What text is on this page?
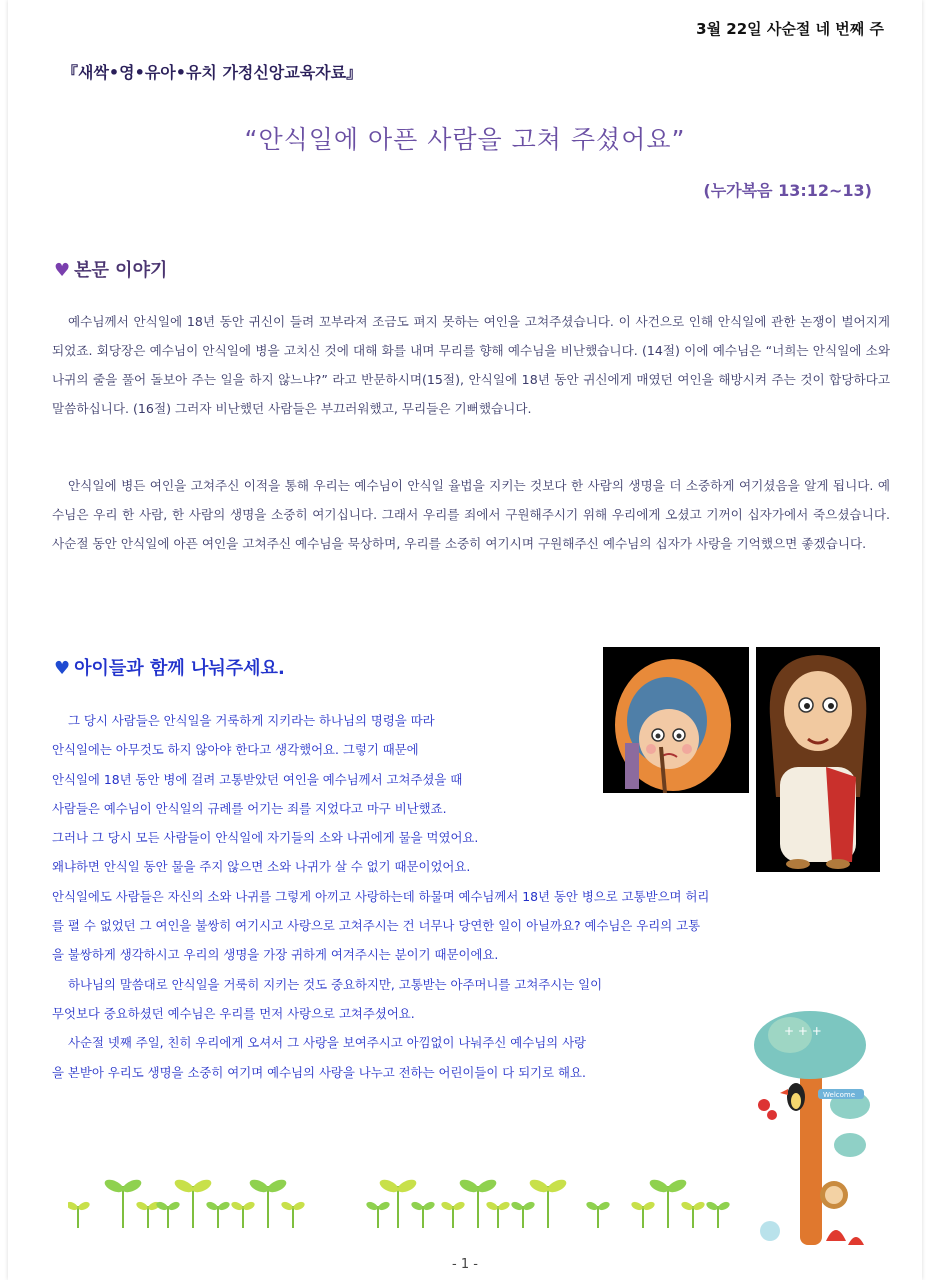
3월 22일 사순절 네 번째 주
『새싹•영•유아•유치 가정신앙교육자료』
“안식일에 아픈 사람을 고쳐 주셨어요”
(누가복음 13:12~13)
♥ 본문 이야기

예수님께서 안식일에 18년 동안 귀신이 들려 꼬부라져 조금도 펴지 못하는 여인을 고쳐주셨습니다. 이 사건으로 인해 안식일에 관한 논쟁이 벌어지게 되었죠. 회당장은 예수님이 안식일에 병을 고치신 것에 대해 화를 내며 무리를 향해 예수님을 비난했습니다. (14절) 이에 예수님은 “너희는 안식일에 소와 나귀의 줄을 풀어 돌보아 주는 일을 하지 않느냐?” 라고 반문하시며(15절), 안식일에 18년 동안 귀신에게 매였던 여인을 해방시켜 주는 것이 합당하다고 말씀하십니다. (16절) 그러자 비난했던 사람들은 부끄러워했고, 무리들은 기뻐했습니다.

안식일에 병든 여인을 고쳐주신 이적을 통해 우리는 예수님이 안식일 율법을 지키는 것보다 한 사람의 생명을 더 소중하게 여기셨음을 알게 됩니다. 예수님은 우리 한 사람, 한 사람의 생명을 소중히 여기십니다. 그래서 우리를 죄에서 구원해주시기 위해 우리에게 오셨고 기꺼이 십자가에서 죽으셨습니다. 사순절 동안 안식일에 아픈 여인을 고쳐주신 예수님을 묵상하며, 우리를 소중히 여기시며 구원해주신 예수님의 십자가 사랑을 기억했으면 좋겠습니다.

♥ 아이들과 함께 나눠주세요.
그 당시 사람들은 안식일을 거룩하게 지키라는 하나님의 명령을 따라
안식일에는 아무것도 하지 않아야 한다고 생각했어요. 그렇기 때문에
안식일에 18년 동안 병에 걸려 고통받았던 여인을 예수님께서 고쳐주셨을 때
사람들은 예수님이 안식일의 규례를 어기는 죄를 지었다고 마구 비난했죠.
그러나 그 당시 모든 사람들이 안식일에 자기들의 소와 나귀에게 물을 먹였어요.
왜냐하면 안식일 동안 물을 주지 않으면 소와 나귀가 살 수 없기 때문이었어요.
안식일에도 사람들은 자신의 소와 나귀를 그렇게 아끼고 사랑하는데 하물며 예수님께서 18년 동안 병으로 고통받으며 허리
를 펼 수 없었던 그 여인을 불쌍히 여기시고 사랑으로 고쳐주시는 건 너무나 당연한 일이 아닐까요? 예수님은 우리의 고통
을 불쌍하게 생각하시고 우리의 생명을 가장 귀하게 여겨주시는 분이기 때문이에요.
하나님의 말씀대로 안식일을 거룩히 지키는 것도 중요하지만, 고통받는 아주머니를 고쳐주시는 일이
무엇보다 중요하셨던 예수님은 우리를 먼저 사랑으로 고쳐주셨어요.
사순절 넷째 주일, 친히 우리에게 오셔서 그 사랑을 보여주시고 아낌없이 나눠주신 예수님의 사랑
을 본받아 우리도 생명을 소중히 여기며 예수님의 사랑을 나누고 전하는 어린이들이 다 되기로 해요.
+ + +
Welcome
- 1 -
